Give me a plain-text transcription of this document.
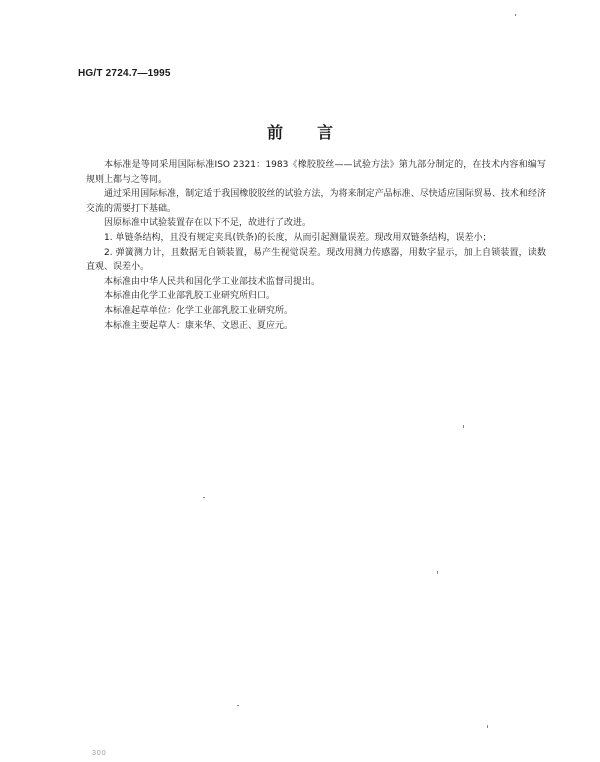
HG/T 2724.7—1995
前言

本标准是等同采用国际标准ISO 2321：1983《橡胶胶丝——试验方法》第九部分制定的，在技术内容和编写规则上都与之等同。

通过采用国际标准，制定适于我国橡胶胶丝的试验方法，为将来制定产品标准、尽快适应国际贸易、技术和经济交流的需要打下基础。

因原标准中试验装置存在以下不足，故进行了改进。

1. 单链条结构，且没有规定夹具(铁条)的长度，从而引起测量误差。现改用双链条结构，误差小；

2. 弹簧测力计，且数据无自锁装置，易产生视觉误差。现改用测力传感器，用数字显示，加上自锁装置，读数直观、误差小。

本标准由中华人民共和国化学工业部技术监督司提出。

本标准由化学工业部乳胶工业研究所归口。

本标准起草单位：化学工业部乳胶工业研究所。

本标准主要起草人：康来华、文恩正、夏应元。

300
